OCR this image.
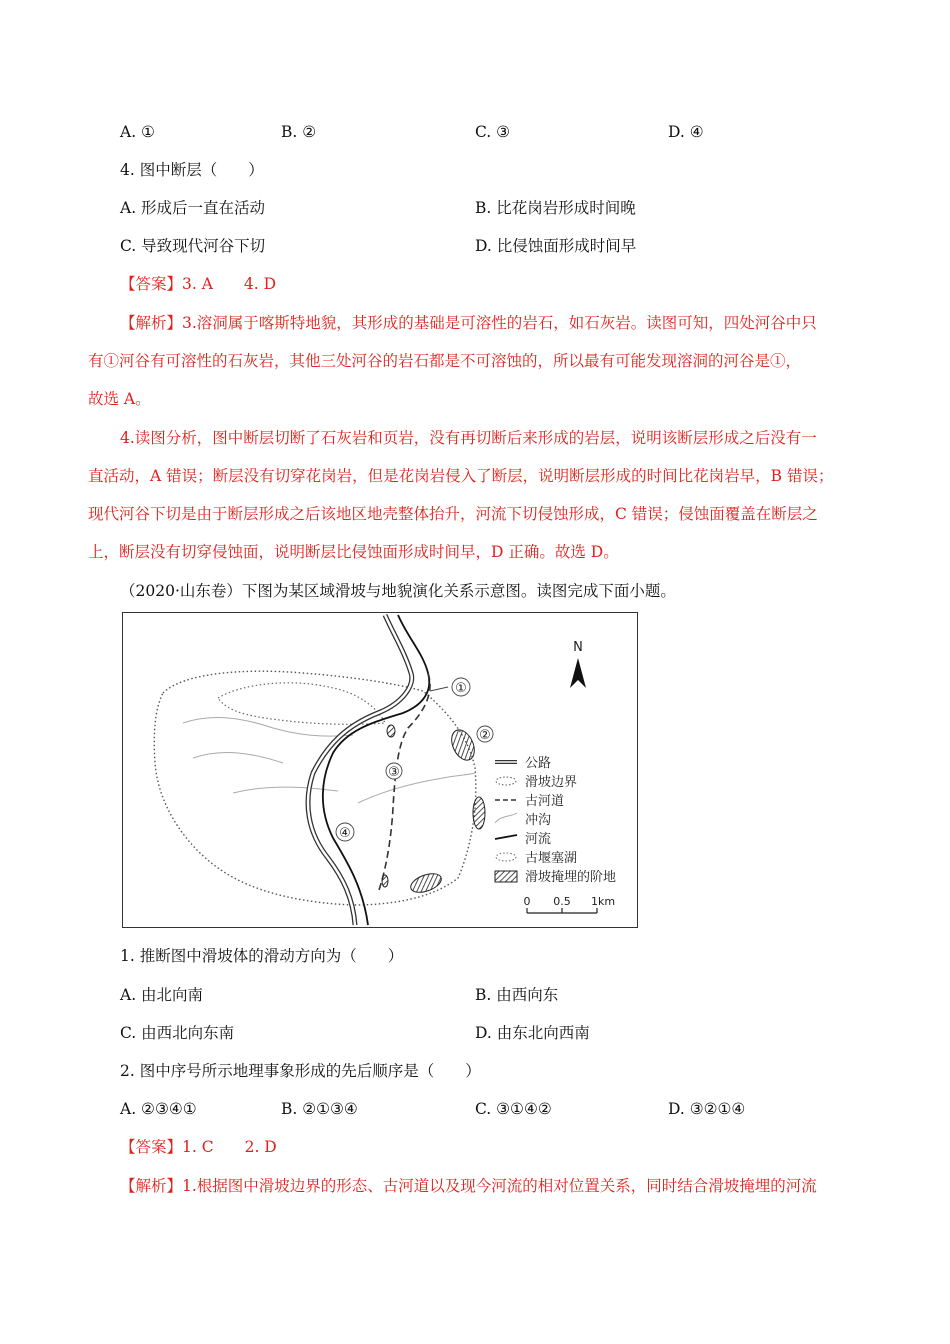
A. ①	B. ②	C. ③	D. ④
4. 图中断层（　　）
A. 形成后一直在活动	B. 比花岗岩形成时间晚
C. 导致现代河谷下切	D. 比侵蚀面形成时间早
【答案】3. A　　4. D
【解析】3.溶洞属于喀斯特地貌，其形成的基础是可溶性的岩石，如石灰岩。读图可知，四处河谷中只
有①河谷有可溶性的石灰岩，其他三处河谷的岩石都是不可溶蚀的，所以最有可能发现溶洞的河谷是①，
故选 A。
4.读图分析，图中断层切断了石灰岩和页岩，没有再切断后来形成的岩层，说明该断层形成之后没有一
直活动，A 错误；断层没有切穿花岗岩，但是花岗岩侵入了断层，说明断层形成的时间比花岗岩早，B 错误；
现代河谷下切是由于断层形成之后该地区地壳整体抬升，河流下切侵蚀形成，C 错误；侵蚀面覆盖在断层之
上，断层没有切穿侵蚀面，说明断层比侵蚀面形成时间早，D 正确。故选 D。
（2020·山东卷）下图为某区域滑坡与地貌演化关系示意图。读图完成下面小题。
①
②
③
④
N
公路
滑坡边界
古河道
冲沟
河流
古堰塞湖
滑坡掩埋的阶地
0 0.5 1km
1. 推断图中滑坡体的滑动方向为（　　）
A. 由北向南	B. 由西向东
C. 由西北向东南	D. 由东北向西南
2. 图中序号所示地理事象形成的先后顺序是（　　）
A. ②③④①	B. ②①③④	C. ③①④②	D. ③②①④
【答案】1. C　　2. D
【解析】1.根据图中滑坡边界的形态、古河道以及现今河流的相对位置关系，同时结合滑坡掩埋的河流
